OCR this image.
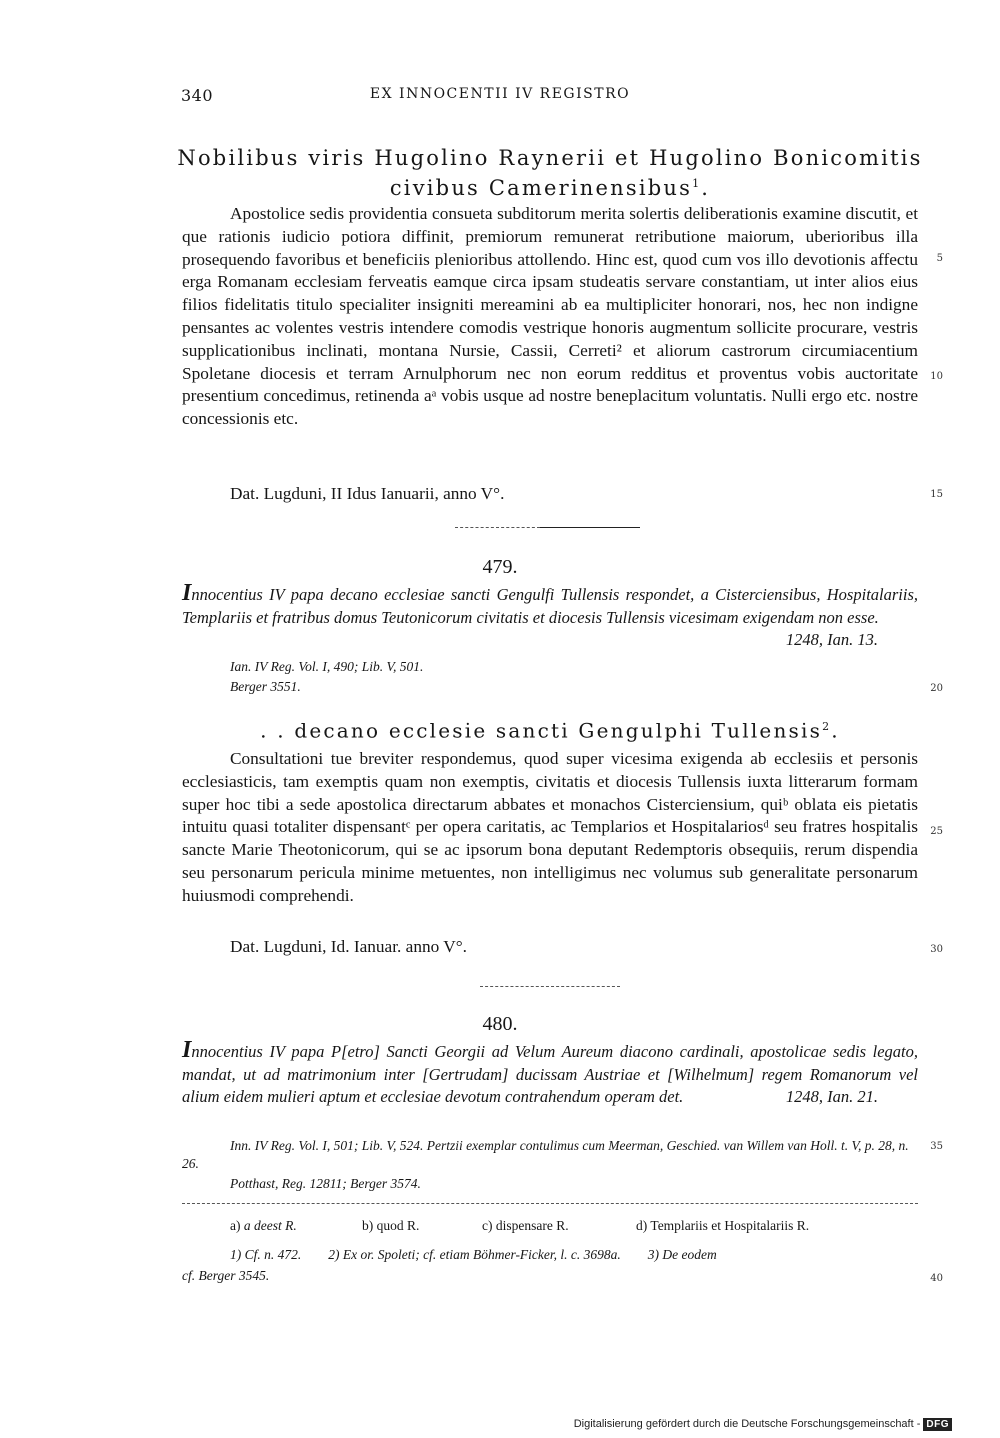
340	EX INNOCENTII IV REGISTRO
Nobilibus viris Hugolino Raynerii et Hugolino Bonicomitis
civibus Camerinensibus$^1$.

Apostolice sedis providentia consueta subditorum merita solertis deliberationis examine discutit, et que rationis iudicio potiora diffinit, premiorum remunerat retributione maiorum, uberioribus illa prosequendo favoribus et beneficiis plenioribus attollendo. Hinc est, quod cum vos illo devotionis affectu erga Romanam ecclesiam ferveatis eamque circa ipsam studeatis servare constantiam, ut inter alios eius filios fidelitatis titulo specialiter insigniti mereamini ab ea multipliciter honorari, nos, hec non indigne pensantes ac volentes vestris intendere comodis vestrique honoris augmentum sollicite procurare, vestris supplicationibus inclinati, montana Nursie, Cassii, Cerreti² et aliorum castrorum circumiacentium Spoletane diocesis et terram Arnulphorum nec non eorum redditus et proventus vobis auctoritate presentium concedimus, retinenda aᵃ vobis usque ad nostre beneplacitum voluntatis. Nulli ergo etc. nostre concessionis etc.

Dat. Lugduni, II Idus Ianuarii, anno V°.
479.
Innocentius IV papa decano ecclesiae sancti Gengulfi Tullensis respondet, a Cisterciensibus, Hospitalariis, Templariis et fratribus domus Teutonicorum civitatis et diocesis Tullensis vicesimam exigendam non esse.
1248, Ian. 13.
Ian. IV Reg. Vol. I, 490; Lib. V, 501.
Berger 3551.
. . decano ecclesie sancti Gengulphi Tullensis$^2$.

Consultationi tue breviter respondemus, quod super vicesima exigenda ab ecclesiis et personis ecclesiasticis, tam exemptis quam non exemptis, civitatis et diocesis Tullensis iuxta litterarum formam super hoc tibi a sede apostolica directarum abbates et monachos Cisterciensium, quiᵇ oblata eis pietatis intuitu quasi totaliter dispensantᶜ per opera caritatis, ac Templarios et Hospitalariosᵈ seu fratres hospitalis sancte Marie Theotonicorum, qui se ac ipsorum bona deputant Redemptoris obsequiis, rerum dispendia seu personarum pericula minime metuentes, non intelligimus nec volumus sub generalitate personarum huiusmodi comprehendi.

Dat. Lugduni, Id. Ianuar. anno V°.
480.
Innocentius IV papa P[etro] Sancti Georgii ad Velum Aureum diacono cardinali, apostolicae sedis legato, mandat, ut ad matrimonium inter [Gertrudam] ducissam Austriae et [Wilhelmum] regem Romanorum vel alium eidem mulieri aptum et ecclesiae devotum contrahendum operam det.	1248, Ian. 21.
Inn. IV Reg. Vol. I, 501; Lib. V, 524. Pertzii exemplar contulimus cum Meerman, Geschied. van Willem van Holl. t. V, p. 28, n. 26.
Potthast, Reg. 12811; Berger 3574.
a) a deest R.	b) quod R.	c) dispensare R.	d) Templariis et Hospitalariis R.
1) Cf. n. 472.        2) Ex or. Spoleti; cf. etiam Böhmer-Ficker, l. c. 3698a.        3) De eodem
cf. Berger 3545.
5
10
15
20
25
30
35
40
Digitalisierung gefördert durch die Deutsche Forschungsgemeinschaft - DFG
